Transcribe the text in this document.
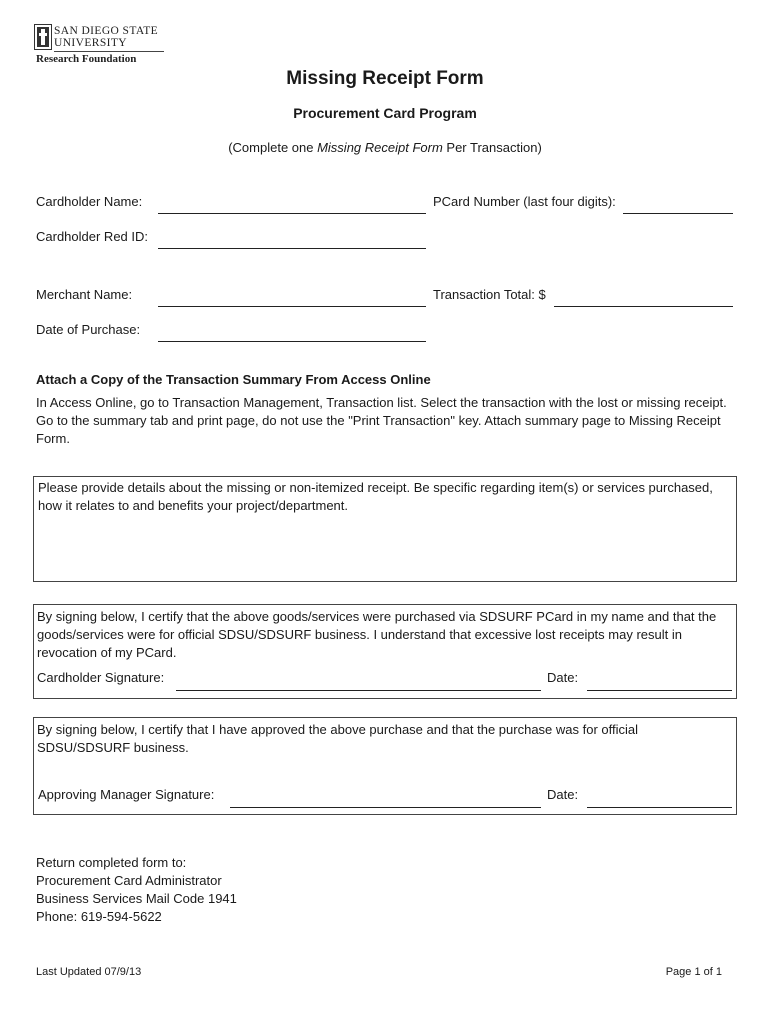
SAN DIEGO STATE
UNIVERSITY
Research Foundation
Missing Receipt Form
Procurement Card Program
(Complete one Missing Receipt Form Per Transaction)
Cardholder Name:	PCard Number (last four digits):
Cardholder Red ID:
Merchant Name:	Transaction Total: $
Date of Purchase:
Attach a Copy of the Transaction Summary From Access Online
In Access Online, go to Transaction Management, Transaction list. Select the transaction with the lost or missing receipt. Go to the summary tab and print page, do not use the "Print Transaction" key. Attach summary page to Missing Receipt Form.
Please provide details about the missing or non-itemized receipt. Be specific regarding item(s) or services purchased, how it relates to and benefits your project/department.
By signing below, I certify that the above goods/services were purchased via SDSURF PCard in my name and that the goods/services were for official SDSU/SDSURF business. I understand that excessive lost receipts may result in revocation of my PCard.
Cardholder Signature:	Date:
By signing below, I certify that I have approved the above purchase and that the purchase was for official SDSU/SDSURF business.
Approving Manager Signature:	Date:
Return completed form to:
Procurement Card Administrator
Business Services Mail Code 1941
Phone: 619-594-5622
Last Updated 07/9/13	Page 1 of 1
